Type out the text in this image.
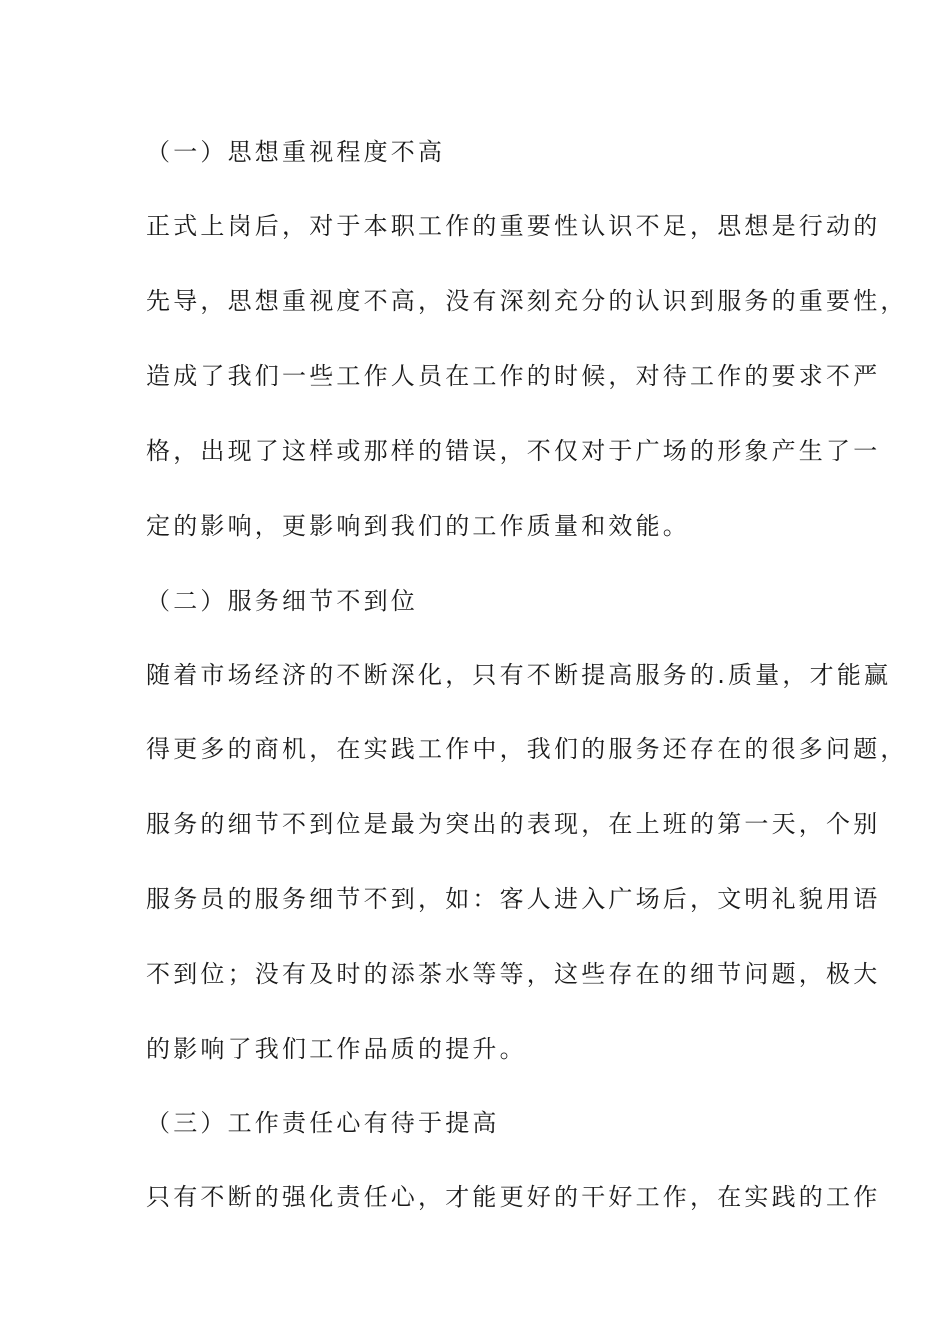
（一）思想重视程度不高
正式上岗后，对于本职工作的重要性认识不足，思想是行动的
先导，思想重视度不高，没有深刻充分的认识到服务的重要性，
造成了我们一些工作人员在工作的时候，对待工作的要求不严
格，出现了这样或那样的错误，不仅对于广场的形象产生了一
定的影响，更影响到我们的工作质量和效能。
（二）服务细节不到位
随着市场经济的不断深化，只有不断提高服务的.质量，才能赢
得更多的商机，在实践工作中，我们的服务还存在的很多问题，
服务的细节不到位是最为突出的表现，在上班的第一天，个别
服务员的服务细节不到，如：客人进入广场后，文明礼貌用语
不到位；没有及时的添茶水等等，这些存在的细节问题，极大
的影响了我们工作品质的提升。
（三）工作责任心有待于提高
只有不断的强化责任心，才能更好的干好工作，在实践的工作
